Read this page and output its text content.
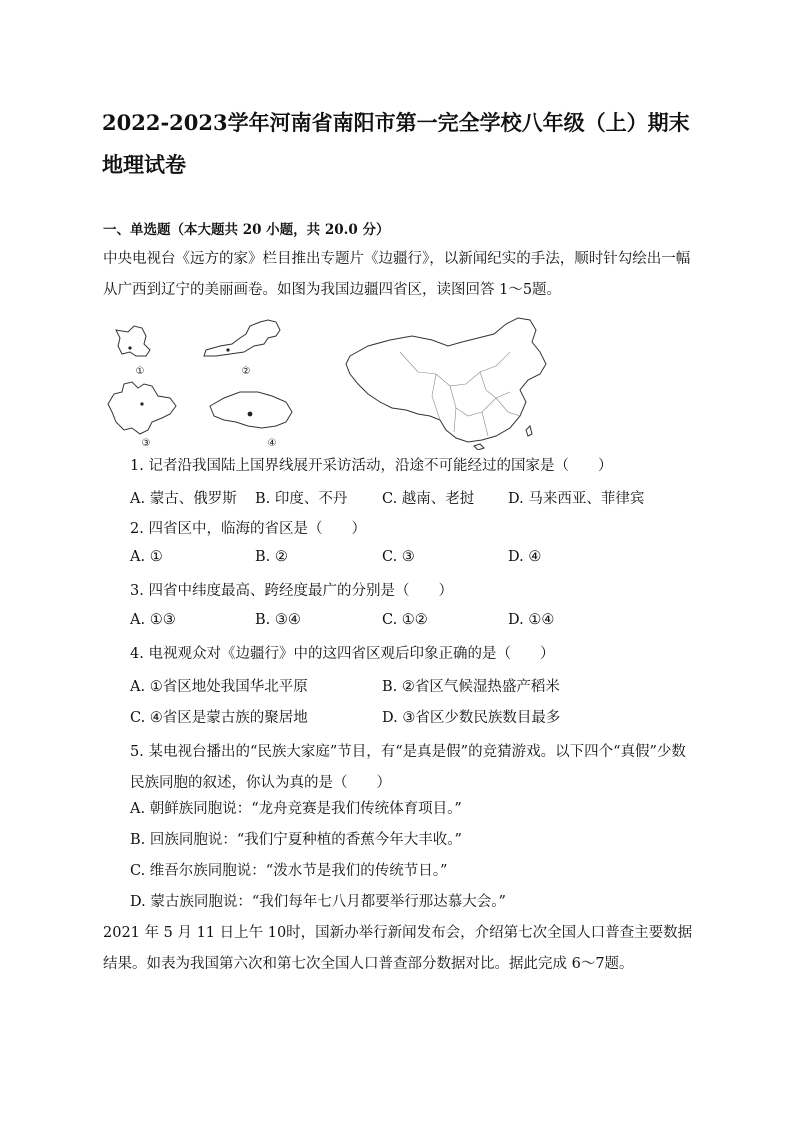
2022-2023学年河南省南阳市第一完全学校八年级（上）期末地理试卷
一、单选题（本大题共 20 小题，共 20.0 分）

中央电视台《远方的家》栏目推出专题片《边疆行》，以新闻纪实的手法，顺时针勾绘出一幅从广西到辽宁的美丽画卷。如图为我国边疆四省区，读图回答 1～5题。

①	②
③	④

1. 记者沿我国陆上国界线展开采访活动，沿途不可能经过的国家是（　　）

A. 蒙古、俄罗斯 B. 印度、不丹 C. 越南、老挝 D. 马来西亚、菲律宾

2. 四省区中，临海的省区是（　　）

A. ①	B. ②	C. ③	D. ④

3. 四省中纬度最高、跨经度最广的分别是（　　）

A. ①③	B. ③④	C. ①②	D. ①④

4. 电视观众对《边疆行》中的这四省区观后印象正确的是（　　）

A. ①省区地处我国华北平原	B. ②省区气候湿热盛产稻米
C. ④省区是蒙古族的聚居地	D. ③省区少数民族数目最多

5. 某电视台播出的“民族大家庭”节目，有“是真是假”的竞猜游戏。以下四个“真假”少数民族同胞的叙述，你认为真的是（　　）

A. 朝鲜族同胞说：“龙舟竞赛是我们传统体育项目。”
B. 回族同胞说：“我们宁夏种植的香蕉今年大丰收。”
C. 维吾尔族同胞说：“泼水节是我们的传统节日。”
D. 蒙古族同胞说：“我们每年七八月都要举行那达慕大会。”

2021 年 5 月 11 日上午 10时，国新办举行新闻发布会，介绍第七次全国人口普查主要数据结果。如表为我国第六次和第七次全国人口普查部分数据对比。据此完成 6～7题。
